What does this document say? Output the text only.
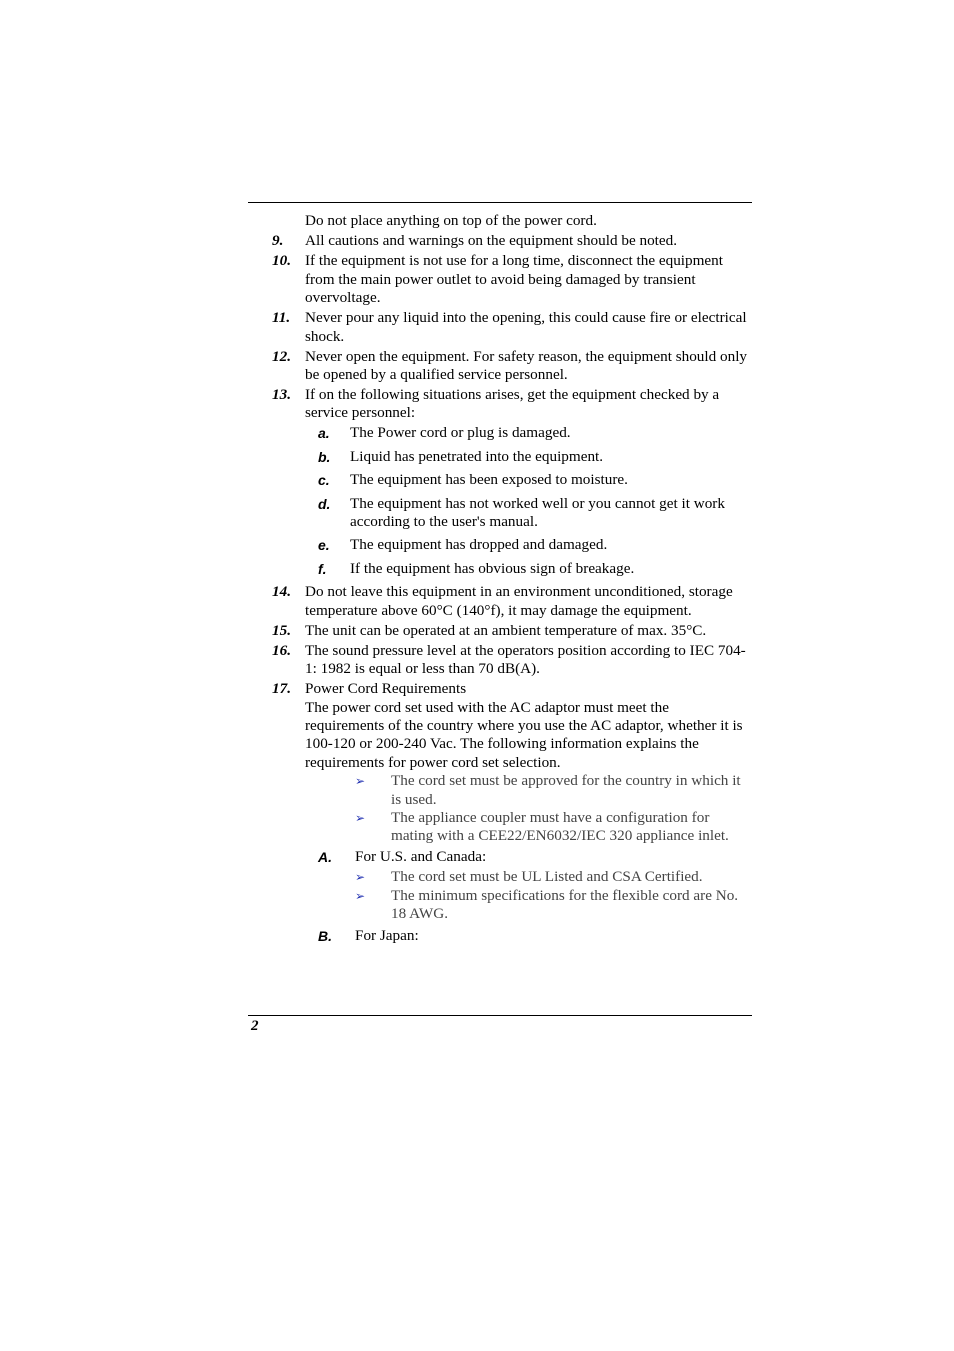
Do not place anything on top of the power cord.
9.	All cautions and warnings on the equipment should be noted.
10. If the equipment is not use for a long time, disconnect the equipment from the main power outlet to avoid being damaged by transient overvoltage.
11. Never pour any liquid into the opening, this could cause fire or electrical shock.
12. Never open the equipment. For safety reason, the equipment should only be opened by a qualified service personnel.
13. If on the following situations arises, get the equipment checked by a service personnel:
a.	The Power cord or plug is damaged.
b.	Liquid has penetrated into the equipment.
c.	The equipment has been exposed to moisture.
d.	The equipment has not worked well or you cannot get it work according to the user's manual.
e.	The equipment has dropped and damaged.
f.	If the equipment has obvious sign of breakage.
14. Do not leave this equipment in an environment unconditioned, storage temperature above 60°C (140°f), it may damage the equipment.
15. The unit can be operated at an ambient temperature of max. 35°C.
16. The sound pressure level at the operators position according to IEC 704-1: 1982 is equal or less than 70 dB(A).
17. Power Cord Requirements
The power cord set used with the AC adaptor must meet the requirements of the country where you use the AC adaptor, whether it is 100-120 or 200-240 Vac. The following information explains the requirements for power cord set selection.
➢	The cord set must be approved for the country in which it is used.
➢	The appliance coupler must have a configuration for mating with a CEE22/EN6032/IEC 320 appliance inlet.
A.	For U.S. and Canada:
➢	The cord set must be UL Listed and CSA Certified.
➢	The minimum specifications for the flexible cord are No. 18 AWG.
B.	For Japan:
2
